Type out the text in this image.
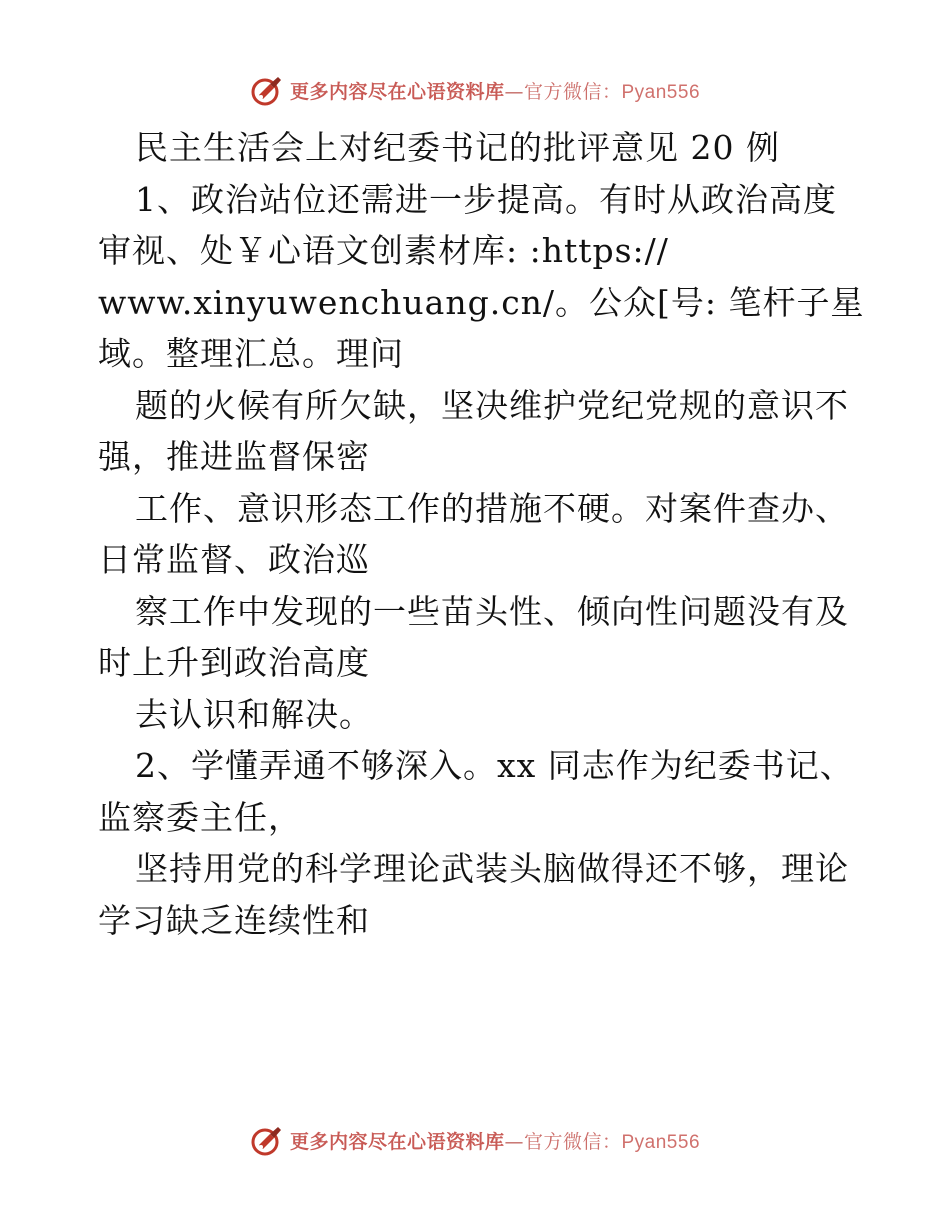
更多内容尽在心语资料库—官方微信：Pyan556
民主生活会上对纪委书记的批评意见 20 例
1、政治站位还需进一步提高。有时从政治高度
审视、处￥心语文创素材库: :https://
www.xinyuwenchuang.cn/。公众[号: 笔杆子星
域。整理汇总。理问
题的火候有所欠缺，坚决维护党纪党规的意识不
强，推进监督保密
工作、意识形态工作的措施不硬。对案件查办、
日常监督、政治巡
察工作中发现的一些苗头性、倾向性问题没有及
时上升到政治高度
去认识和解决。
2、学懂弄通不够深入。xx 同志作为纪委书记、
监察委主任，
坚持用党的科学理论武装头脑做得还不够，理论
学习缺乏连续性和
更多内容尽在心语资料库—官方微信：Pyan556
